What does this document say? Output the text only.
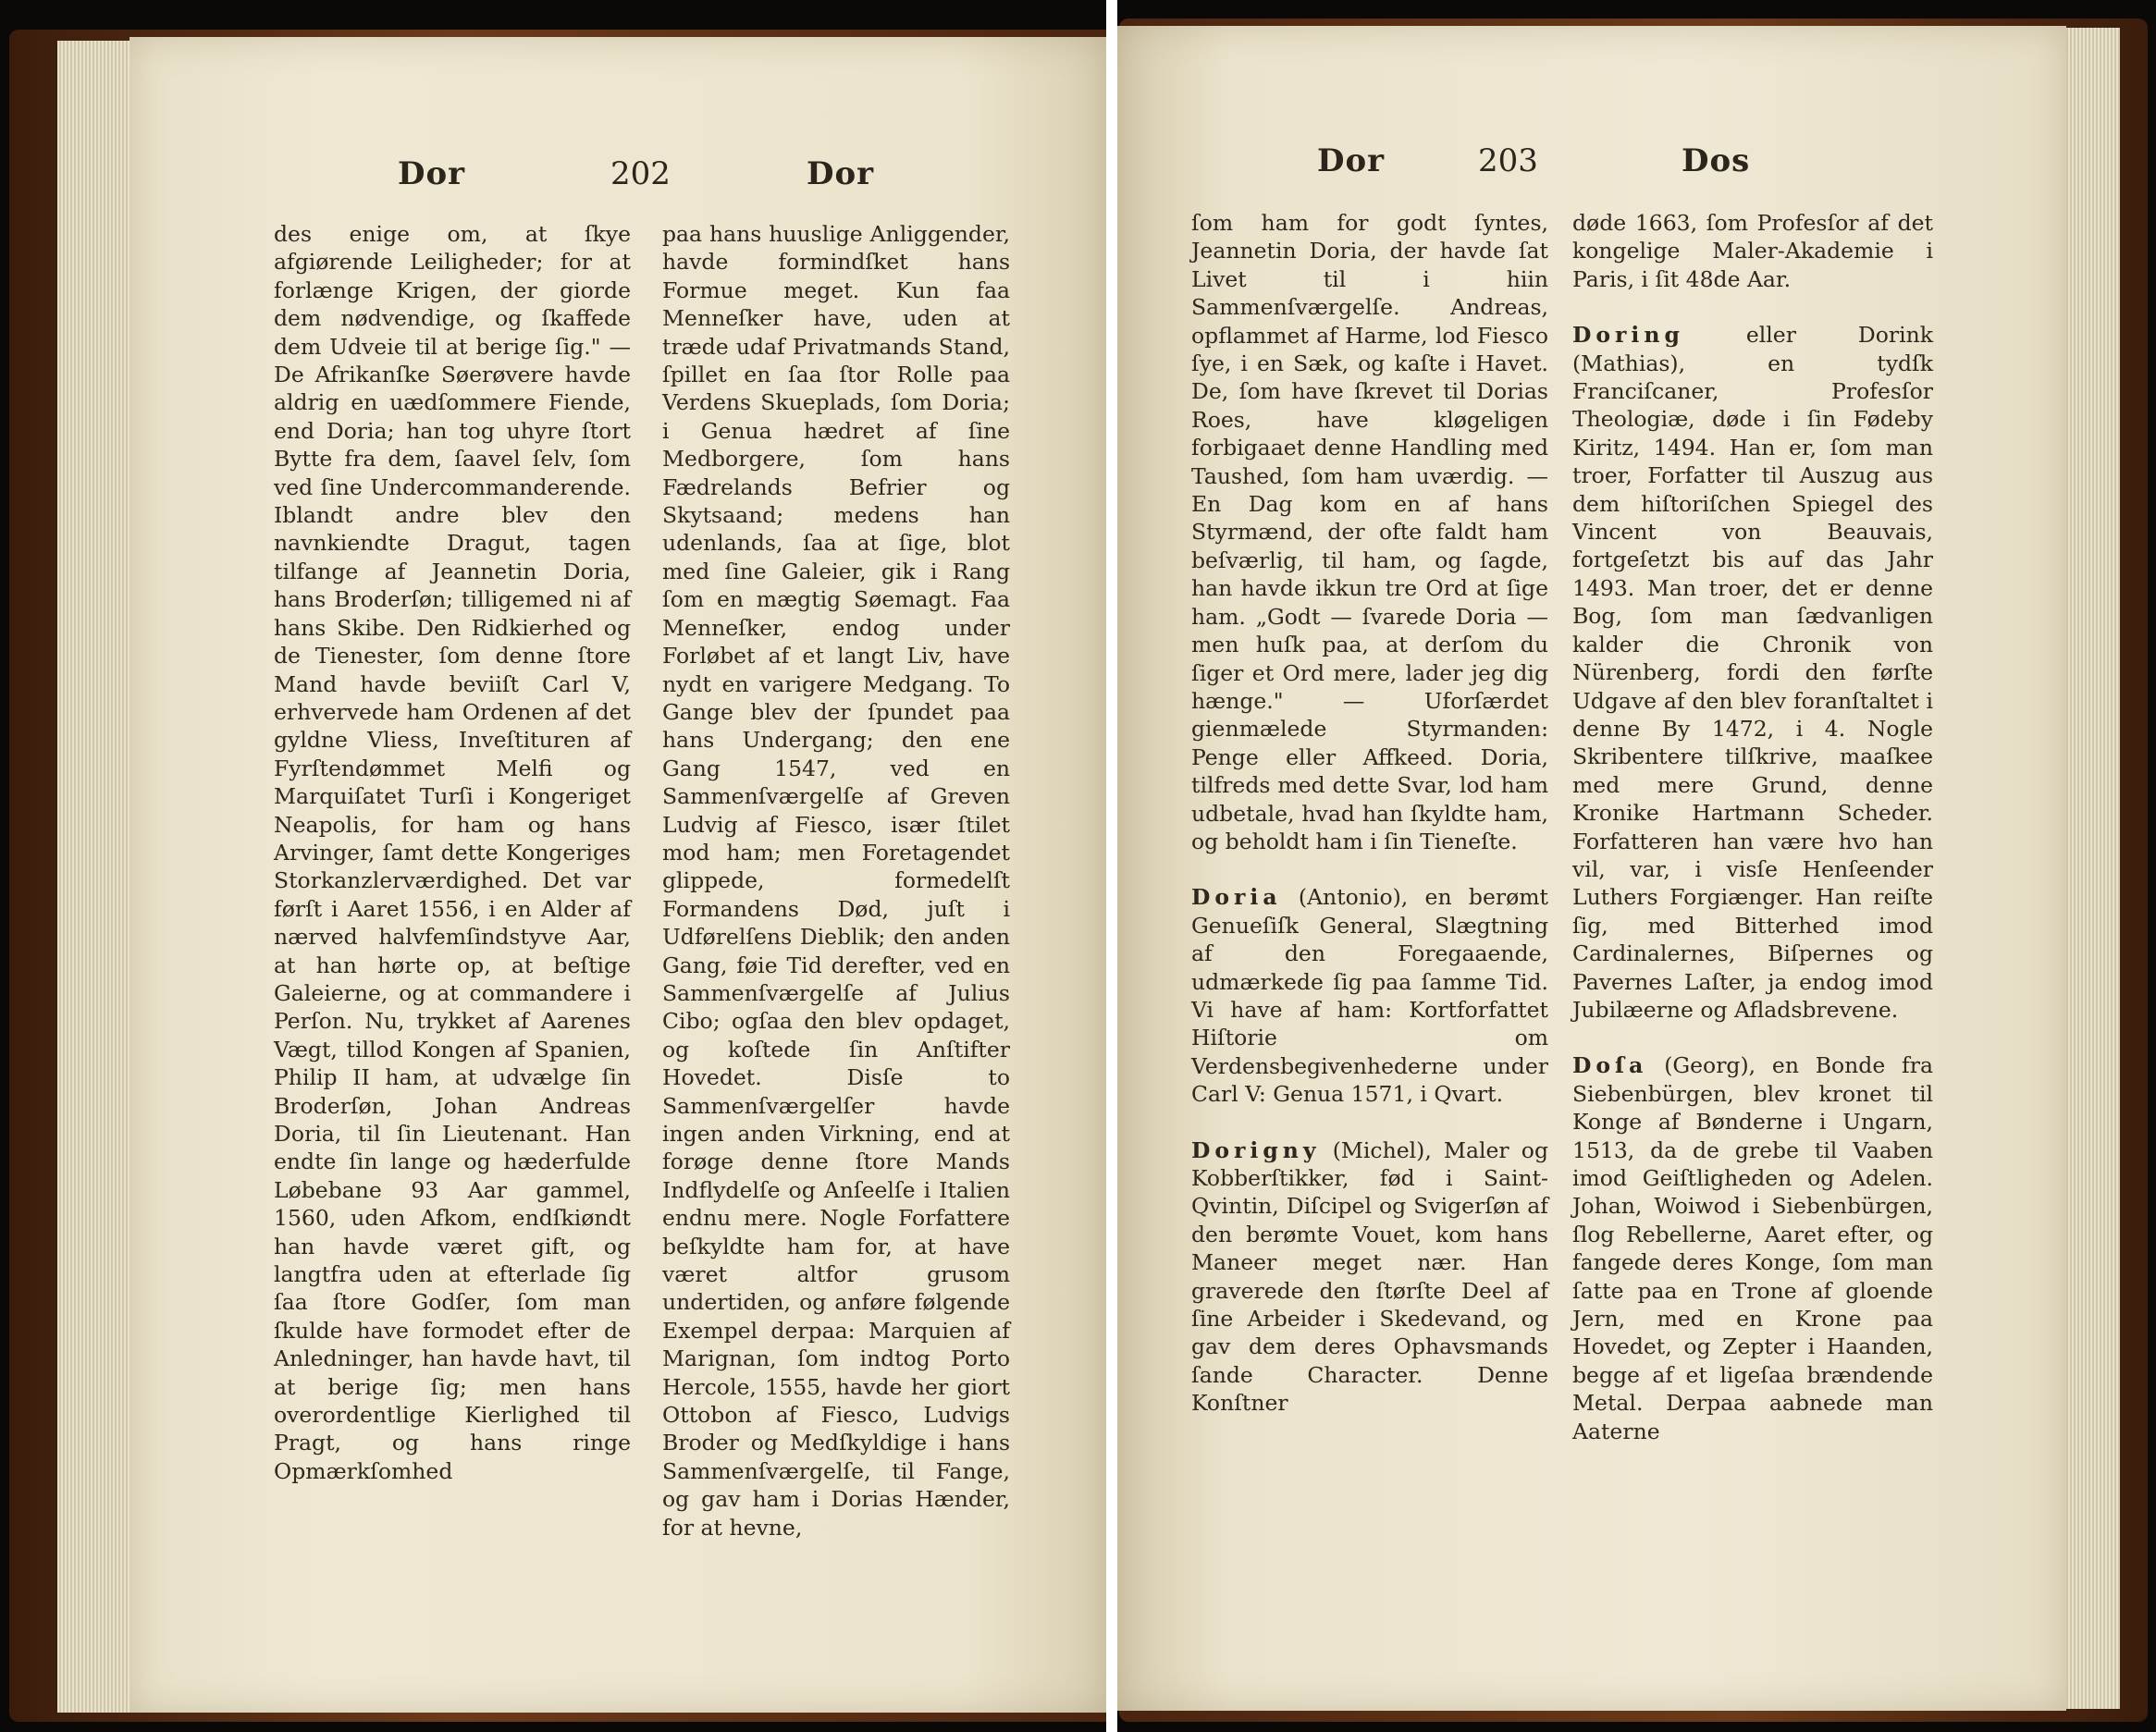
Dor	202	Dor

des enige om, at ſkye afgiørende Leiligheder; for at forlænge Krigen, der giorde dem nødvendige, og ſkaffede dem Udveie til at berige ſig." — De Afrikanſke Søerøvere havde aldrig en uædſommere Fiende, end Doria; han tog uhyre ſtort Bytte fra dem, ſaavel ſelv, ſom ved ſine Undercommanderende. Iblandt andre blev den navnkiendte Dragut, tagen tilfange af Jeannetin Doria, hans Broderſøn; tilligemed ni af hans Skibe. Den Ridkierhed og de Tienester, ſom denne ſtore Mand havde beviiſt Carl V, erhvervede ham Ordenen af det gyldne Vliess, Inveſtituren af Fyrſtendømmet Melfi og Marquiſatet Turſi i Kongeriget Neapolis, for ham og hans Arvinger, ſamt dette Kongeriges Storkanzlerværdighed. Det var førſt i Aaret 1556, i en Alder af nærved halvfemſindstyve Aar, at han hørte op, at beſtige Galeierne, og at commandere i Perſon. Nu, trykket af Aarenes Vægt, tillod Kongen af Spanien, Philip II ham, at udvælge ſin Broderſøn, Johan Andreas Doria, til ſin Lieutenant. Han endte ſin lange og hæderfulde Løbebane 93 Aar gammel, 1560, uden Afkom, endſkiøndt han havde været gift, og langtfra uden at efterlade ſig ſaa ſtore Godſer, ſom man ſkulde have formodet efter de Anledninger, han havde havt, til at berige ſig; men hans overordentlige Kierlighed til Pragt, og hans ringe Opmærkſomhed

paa hans huuslige Anliggender, havde formindſket hans Formue meget. Kun faa Menneſker have, uden at træde udaf Privatmands Stand, ſpillet en ſaa ſtor Rolle paa Verdens Skueplads, ſom Doria; i Genua hædret af ſine Medborgere, ſom hans Fædrelands Befrier og Skytsaand; medens han udenlands, ſaa at ſige, blot med ſine Galeier, gik i Rang ſom en mægtig Søemagt. Faa Menneſker, endog under Forløbet af et langt Liv, have nydt en varigere Medgang. To Gange blev der ſpundet paa hans Undergang; den ene Gang 1547, ved en Sammenſværgelſe af Greven Ludvig af Fiesco, især ſtilet mod ham; men Foretagendet glippede, formedelſt Formandens Død, juſt i Udførelſens Dieblik; den anden Gang, føie Tid derefter, ved en Sammenſværgelſe af Julius Cibo; ogſaa den blev opdaget, og koſtede ſin Anſtifter Hovedet. Disſe to Sammenſværgelſer havde ingen anden Virkning, end at forøge denne ſtore Mands Indflydelſe og Anſeelſe i Italien endnu mere. Nogle Forfattere beſkyldte ham for, at have været altfor grusom undertiden, og anføre følgende Exempel derpaa: Marquien af Marignan, ſom indtog Porto Hercole, 1555, havde her giort Ottobon af Fiesco, Ludvigs Broder og Medſkyldige i hans Sammenſværgelſe, til Fange, og gav ham i Dorias Hænder, for at hevne,

Dor	203	Dos

ſom ham for godt ſyntes, Jeannetin Doria, der havde ſat Livet til i hiin Sammenſværgelſe. Andreas, opflammet af Harme, lod Fiesco ſye, i en Sæk, og kaſte i Havet. De, ſom have ſkrevet til Dorias Roes, have kløgeligen forbigaaet denne Handling med Taushed, ſom ham uværdig. — En Dag kom en af hans Styrmænd, der ofte faldt ham beſværlig, til ham, og ſagde, han havde ikkun tre Ord at ſige ham. „Godt — ſvarede Doria — men huſk paa, at derſom du ſiger et Ord mere, lader jeg dig hænge." — Uforſærdet gienmælede Styrmanden: Penge eller Affkeed. Doria, tilfreds med dette Svar, lod ham udbetale, hvad han ſkyldte ham, og beholdt ham i ſin Tieneſte.

Doria (Antonio), en berømt Genueſiſk General, Slægtning af den Foregaaende, udmærkede ſig paa ſamme Tid. Vi have af ham: Kortforfattet Hiſtorie om Verdensbegivenhederne under Carl V: Genua 1571, i Qvart.

Dorigny (Michel), Maler og Kobberſtikker, fød i Saint-Qvintin, Diſcipel og Svigerſøn af den berømte Vouet, kom hans Maneer meget nær. Han graverede den ſtørſte Deel af ſine Arbeider i Skedevand, og gav dem deres Ophavsmands ſande Character. Denne Konſtner

døde 1663, ſom Profesſor af det kongelige Maler-Akademie i Paris, i ſit 48de Aar.

Doring eller Dorink (Mathias), en tydſk Franciſcaner, Profesſor Theologiæ, døde i ſin Fødeby Kiritz, 1494. Han er, ſom man troer, Forfatter til Auszug aus dem hiſtoriſchen Spiegel des Vincent von Beauvais, fortgeſetzt bis auf das Jahr 1493. Man troer, det er denne Bog, ſom man ſædvanligen kalder die Chronik von Nürenberg, fordi den førſte Udgave af den blev foranſtaltet i denne By 1472, i 4. Nogle Skribentere tilſkrive, maaſkee med mere Grund, denne Kronike Hartmann Scheder. Forfatteren han være hvo han vil, var, i visſe Henſeender Luthers Forgiænger. Han reiſte ſig, med Bitterhed imod Cardinalernes, Biſpernes og Pavernes Laſter, ja endog imod Jubilæerne og Afladsbrevene.

Doſa (Georg), en Bonde fra Siebenbürgen, blev kronet til Konge af Bønderne i Ungarn, 1513, da de grebe til Vaaben imod Geiſtligheden og Adelen. Johan, Woiwod i Siebenbürgen, ſlog Rebellerne, Aaret efter, og fangede deres Konge, ſom man ſatte paa en Trone af gloende Jern, med en Krone paa Hovedet, og Zepter i Haanden, begge af et ligeſaa brændende Metal. Derpaa aabnede man Aaterne
